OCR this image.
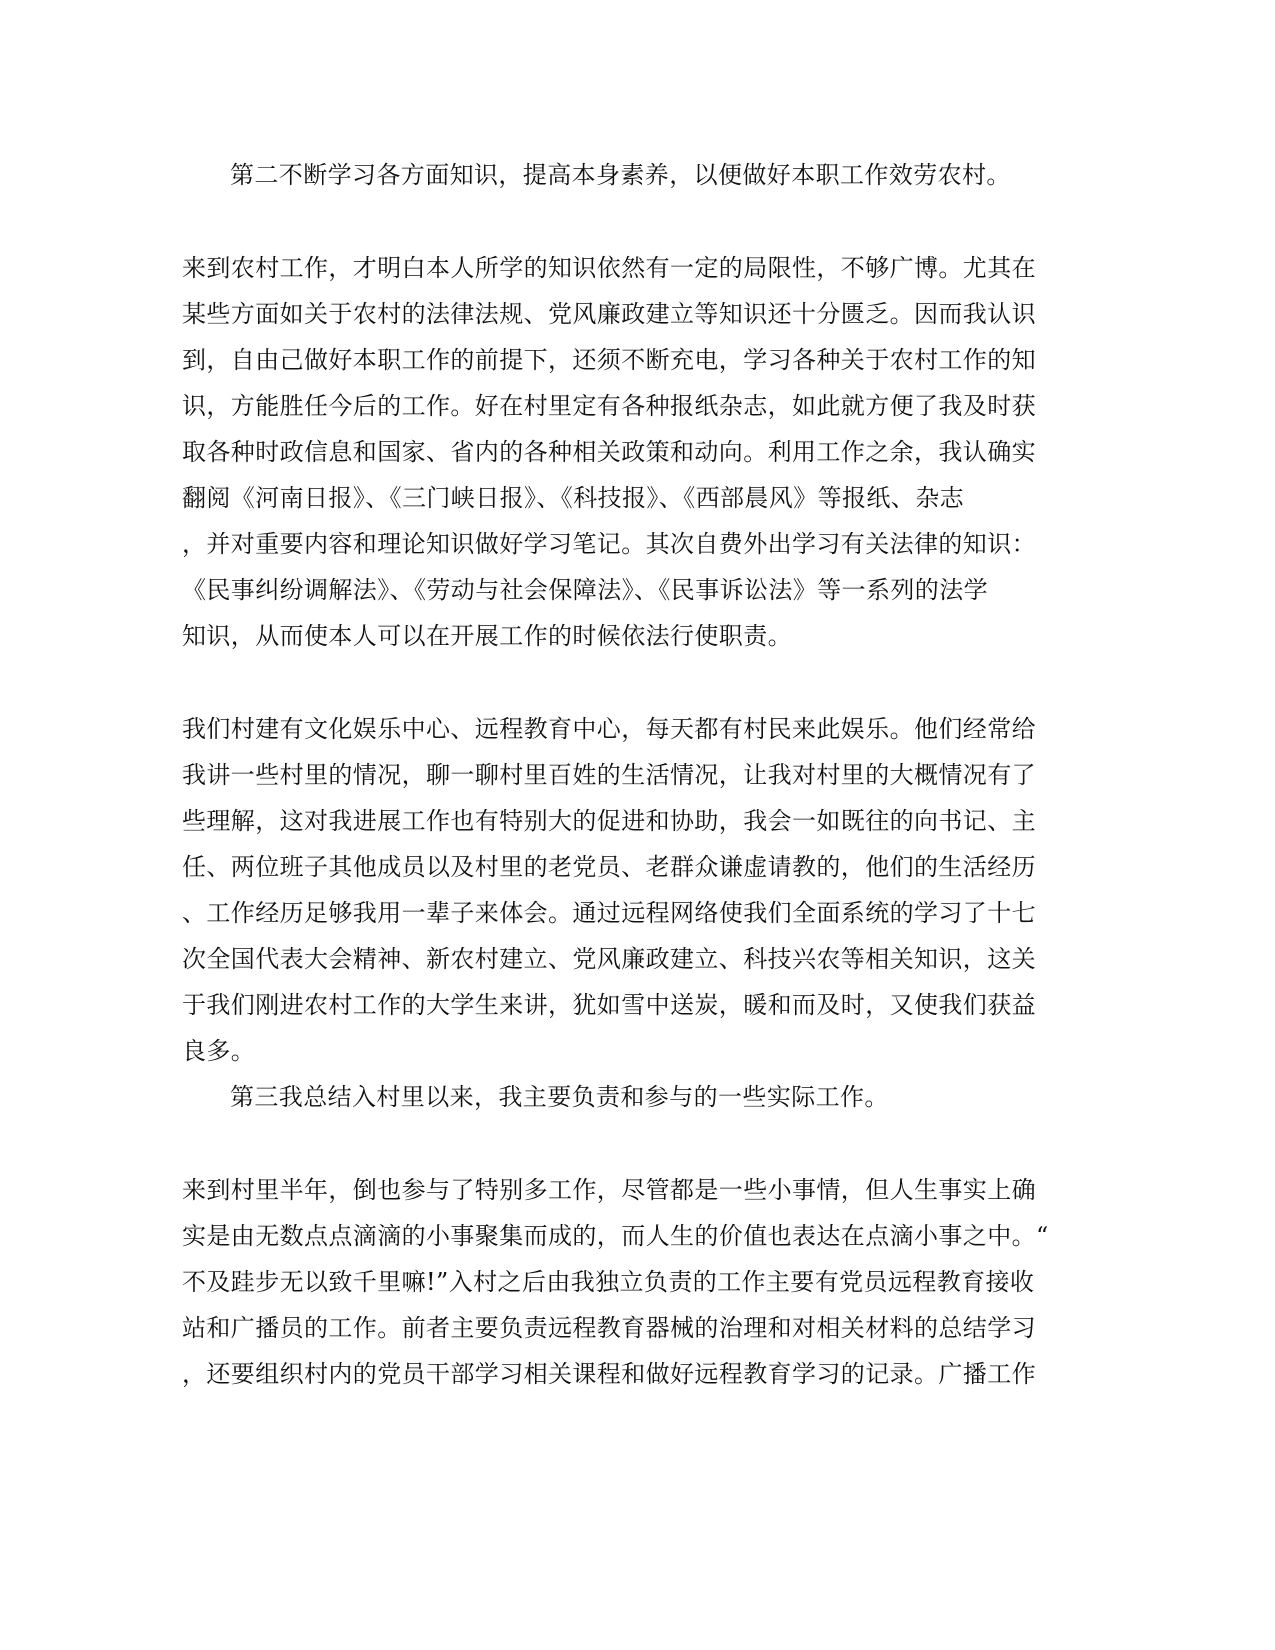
第二不断学习各方面知识，提高本身素养，以便做好本职工作效劳农村。
来到农村工作，才明白本人所学的知识依然有一定的局限性，不够广博。尤其在
某些方面如关于农村的法律法规、党风廉政建立等知识还十分匮乏。因而我认识
到，自由己做好本职工作的前提下，还须不断充电，学习各种关于农村工作的知
识，方能胜任今后的工作。好在村里定有各种报纸杂志，如此就方便了我及时获
取各种时政信息和国家、省内的各种相关政策和动向。利用工作之余，我认确实
翻阅《河南日报》、《三门峡日报》、《科技报》、《西部晨风》等报纸、杂志
，并对重要内容和理论知识做好学习笔记。其次自费外出学习有关法律的知识：
《民事纠纷调解法》、《劳动与社会保障法》、《民事诉讼法》等一系列的法学
知识，从而使本人可以在开展工作的时候依法行使职责。
我们村建有文化娱乐中心、远程教育中心，每天都有村民来此娱乐。他们经常给
我讲一些村里的情况，聊一聊村里百姓的生活情况，让我对村里的大概情况有了
些理解，这对我进展工作也有特别大的促进和协助，我会一如既往的向书记、主
任、两位班子其他成员以及村里的老党员、老群众谦虚请教的，他们的生活经历
、工作经历足够我用一辈子来体会。通过远程网络使我们全面系统的学习了十七
次全国代表大会精神、新农村建立、党风廉政建立、科技兴农等相关知识，这关
于我们刚进农村工作的大学生来讲，犹如雪中送炭，暖和而及时，又使我们获益
良多。
第三我总结入村里以来，我主要负责和参与的一些实际工作。
来到村里半年，倒也参与了特别多工作，尽管都是一些小事情，但人生事实上确
实是由无数点点滴滴的小事聚集而成的，而人生的价值也表达在点滴小事之中。“
不及跬步无以致千里嘛!”入村之后由我独立负责的工作主要有党员远程教育接收
站和广播员的工作。前者主要负责远程教育器械的治理和对相关材料的总结学习
，还要组织村内的党员干部学习相关课程和做好远程教育学习的记录。广播工作
